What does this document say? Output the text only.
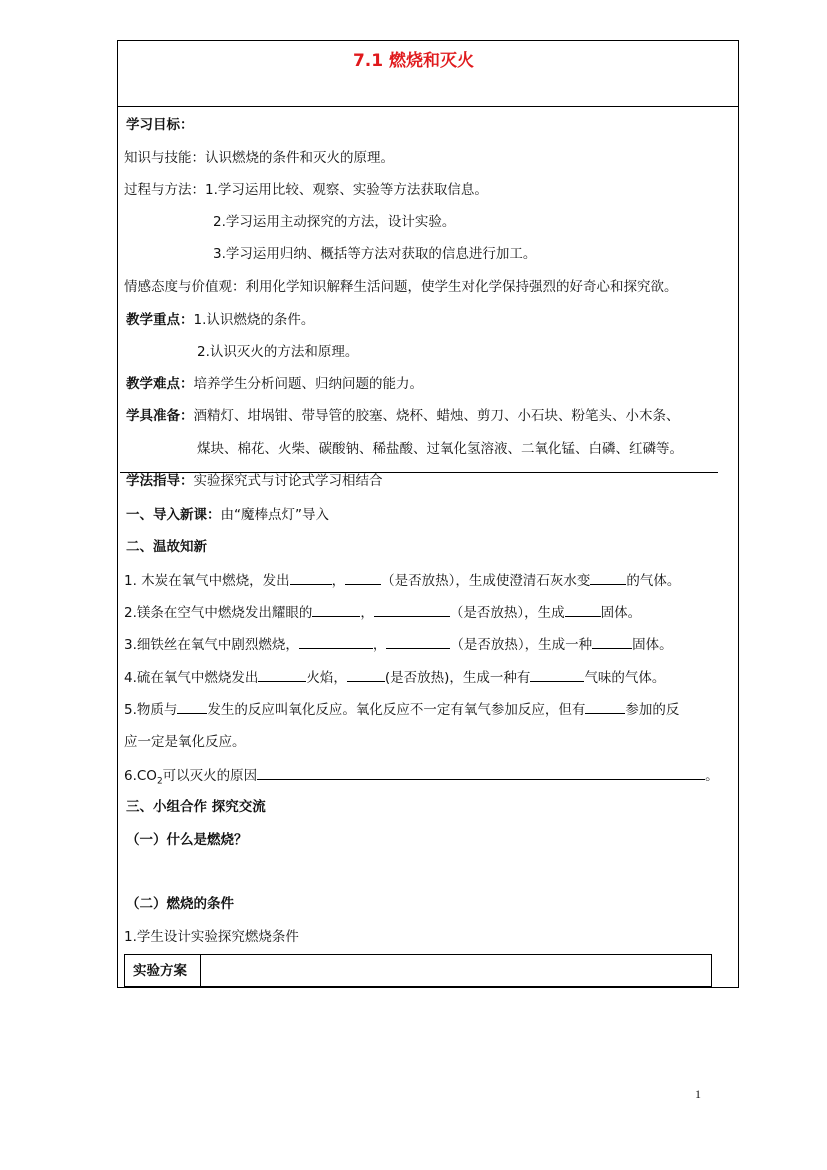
7.1 燃烧和灭火
学习目标：
知识与技能：认识燃烧的条件和灭火的原理。
过程与方法：1.学习运用比较、观察、实验等方法获取信息。
2.学习运用主动探究的方法，设计实验。
3.学习运用归纳、概括等方法对获取的信息进行加工。
情感态度与价值观：利用化学知识解释生活问题，使学生对化学保持强烈的好奇心和探究欲。
教学重点：1.认识燃烧的条件。
2.认识灭火的方法和原理。
教学难点：培养学生分析问题、归纳问题的能力。
学具准备：酒精灯、坩埚钳、带导管的胶塞、烧杯、蜡烛、剪刀、小石块、粉笔头、小木条、
煤块、棉花、火柴、碳酸钠、稀盐酸、过氧化氢溶液、二氧化锰、白磷、红磷等。
学法指导：实验探究式与讨论式学习相结合
一、导入新课：由“魔棒点灯”导入
二、温故知新
1. 木炭在氧气中燃烧，发出	，	（是否放热），生成使澄清石灰水变	的气体。
2.镁条在空气中燃烧发出耀眼的	，	（是否放热），生成	固体。
3.细铁丝在氧气中剧烈燃烧，	，	（是否放热），生成一种	固体。
4.硫在氧气中燃烧发出	火焰，	(是否放热)，生成一种有	气味的气体。
5.物质与 发生的反应叫氧化反应。氧化反应不一定有氧气参加反应，但有	参加的反
应一定是氧化反应。
$6.CO_2$可以灭火的原因	。
三、小组合作 探究交流
（一）什么是燃烧？
（二）燃烧的条件
1.学生设计实验探究燃烧条件
实验方案
1
